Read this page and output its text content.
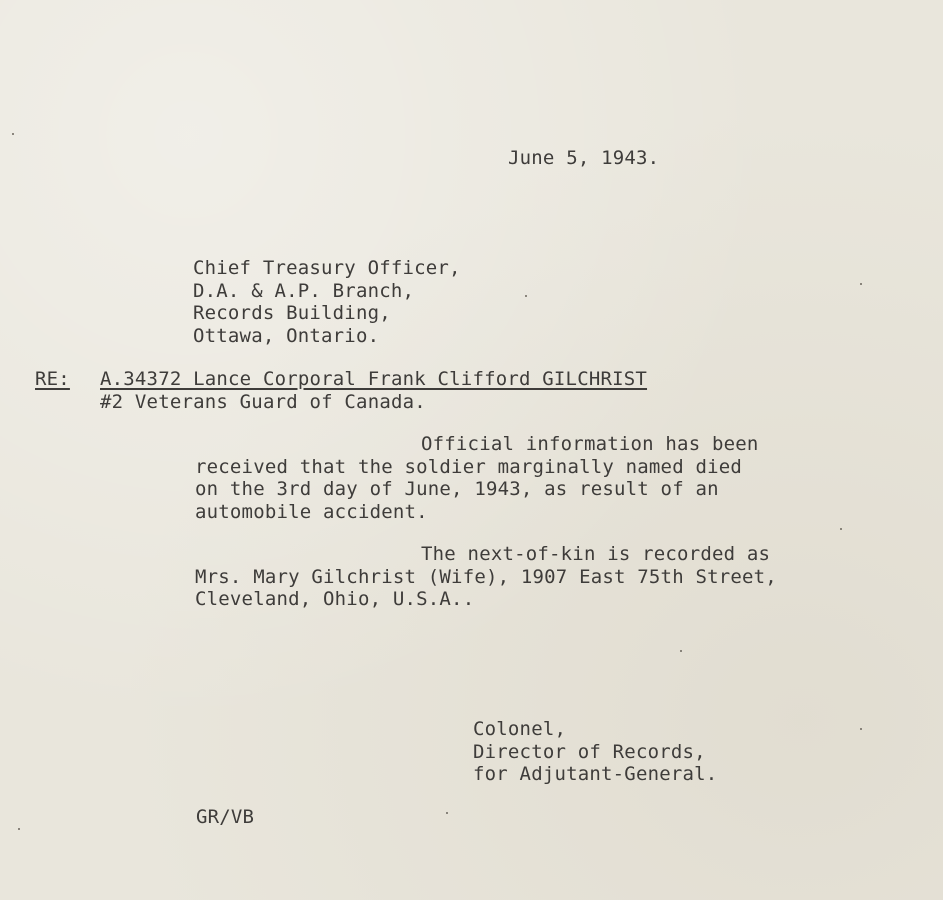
June 5, 1943.
Chief Treasury Officer,
D.A. & A.P. Branch,
Records Building,
Ottawa, Ontario.
RE: A.34372 Lance Corporal Frank Clifford GILCHRIST
#2 Veterans Guard of Canada.
Official information has been
received that the soldier marginally named died
on the 3rd day of June, 1943, as result of an
automobile accident.
The next-of-kin is recorded as
Mrs. Mary Gilchrist (Wife), 1907 East 75th Street,
Cleveland, Ohio, U.S.A..
Colonel,
Director of Records,
for Adjutant-General.
GR/VB
